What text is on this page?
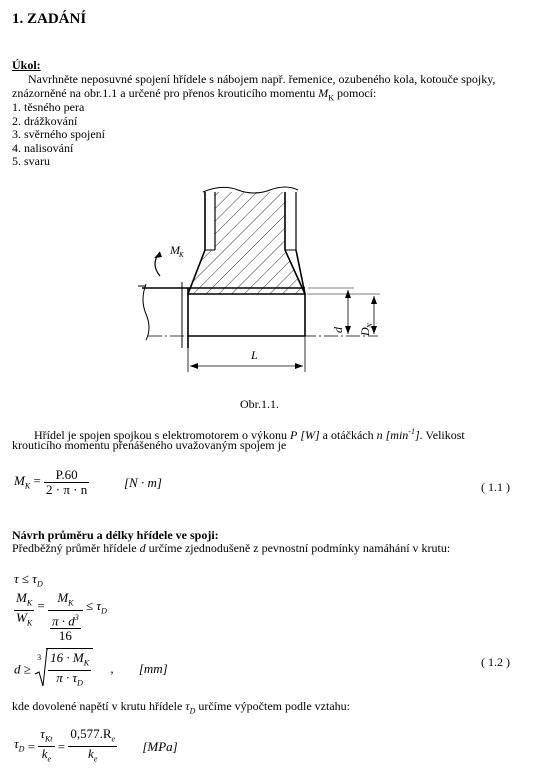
1. ZADÁNÍ
Úkol:
Navrhněte neposuvné spojení hřídele s nábojem např. řemenice, ozubeného kola, kotouče spojky,
znázorněné na obr.1.1 a určené pro přenos krouticího momentu $M_K$ pomocí:
1. těsného pera
2. drážkování
3. svěrného spojení
4. nalisování
5. svaru
M K
L
d D
N
Obr.1.1.
Hřídel je spojen spojkou s elektromotorem o výkonu P [W] a otáčkách n $[\min^{-1}]$. Velikost
krouticího momentu přenášeného uvažovaným spojem je
$M_K = \frac{P.60}{2 \cdot \pi \cdot n}$	[N · m]	( 1.1 )
Návrh průměru a délky hřídele ve spoji:
Předběžný průměr hřídele d určíme zjednodušeně z pevnostní podmínky namáhání v krutu:
$\tau \le \tau_D$
$\frac{M_K}{W_K} = \frac{M_K}{\frac{\pi \cdot d^3}{16}} \le \tau_D$
d ≥
$3 \frac{16 \cdot M_K}{\pi \cdot \tau_D}$ , [mm]	( 1.2 )
kde dovolené napětí v krutu hřídele $\tau_D$ určíme výpočtem podle vztahu:
$\tau_D = \frac{\tau_{Kt}}{k_e} = \frac{0,577.R_e}{k_e} [MPa]$
